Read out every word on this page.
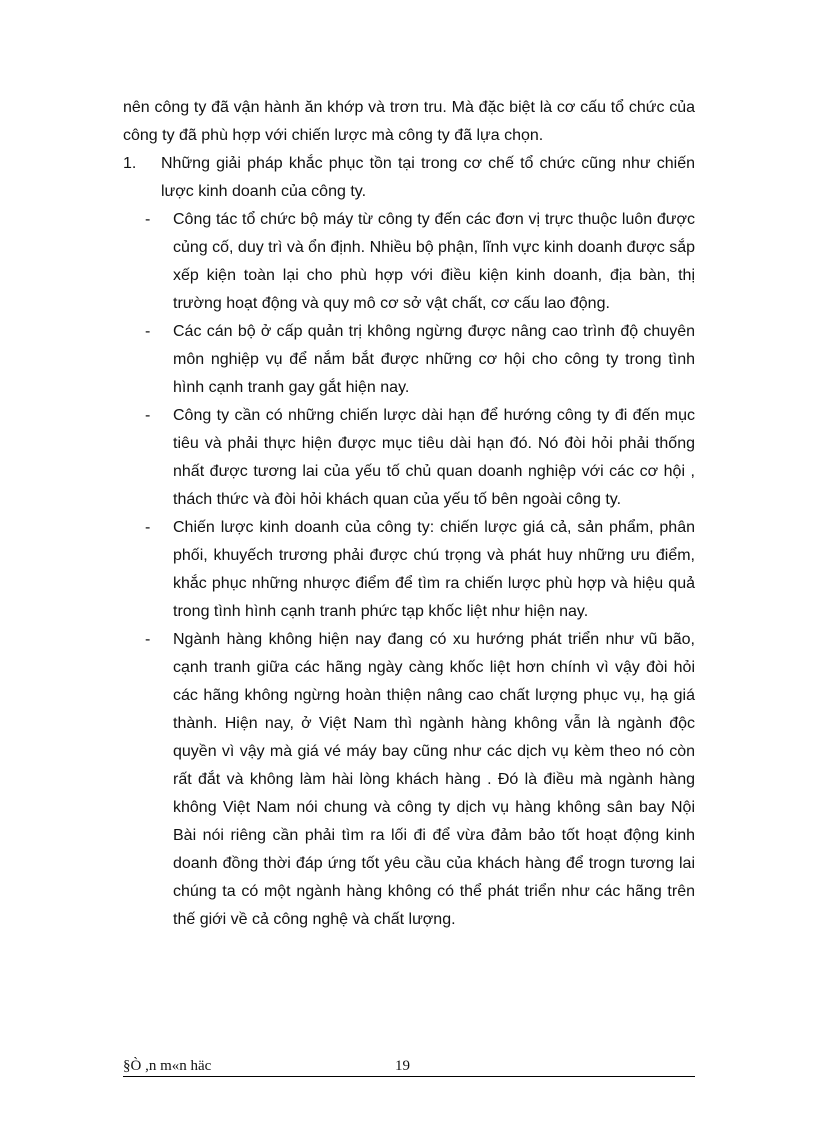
nên công ty đã vận hành ăn khớp và trơn tru. Mà đặc biệt là cơ cấu tổ chức của công ty đã phù hợp với chiến lược mà công ty đã lựa chọn.

1. Những giải pháp khắc phục tồn tại trong cơ chế tổ chức cũng như chiến lược kinh doanh của công ty.

- Công tác tổ chức bộ máy từ công ty đến các đơn vị trực thuộc luôn được củng cố, duy trì và ổn định. Nhiều bộ phận, lĩnh vực kinh doanh được sắp xếp kiện toàn lại cho phù hợp với điều kiện kinh doanh, địa bàn, thị trường hoạt động và quy mô cơ sở vật chất, cơ cấu lao động.
- Các cán bộ ở cấp quản trị không ngừng được nâng cao trình độ chuyên môn nghiệp vụ để nắm bắt được những cơ hội cho công ty trong tình hình cạnh tranh gay gắt hiện nay.
- Công ty cần có những chiến lược dài hạn để hướng công ty đi đến mục tiêu và phải thực hiện được mục tiêu dài hạn đó. Nó đòi hỏi phải thống nhất được tương lai của yếu tố chủ quan doanh nghiệp với các cơ hội , thách thức và đòi hỏi khách quan của yếu tố bên ngoài công ty.
- Chiến lược kinh doanh của công ty: chiến lược giá cả, sản phẩm, phân phối, khuyếch trương phải được chú trọng và phát huy những ưu điểm, khắc phục những nhược điểm để tìm ra chiến lược phù hợp và hiệu quả trong tình hình cạnh tranh phức tạp khốc liệt như hiện nay.
- Ngành hàng không hiện nay đang có xu hướng phát triển như vũ bão, cạnh tranh giữa các hãng ngày càng khốc liệt hơn chính vì vậy đòi hỏi các hãng không ngừng hoàn thiện nâng cao chất lượng phục vụ, hạ giá thành. Hiện nay, ở Việt Nam thì ngành hàng không vẫn là ngành độc quyền vì vậy mà giá vé máy bay cũng như các dịch vụ kèm theo nó còn rất đắt và không làm hài lòng khách hàng . Đó là điều mà ngành hàng không Việt Nam nói chung và công ty dịch vụ hàng không sân bay Nội Bài nói riêng cần phải tìm ra lối đi để vừa đảm bảo tốt hoạt động kinh doanh đồng thời đáp ứng tốt yêu cầu của khách hàng để trogn tương lai chúng ta có một ngành hàng không có thể phát triển như các hãng trên thế giới về cả công nghệ và chất lượng.
§Ò ,n m«n häc	19
